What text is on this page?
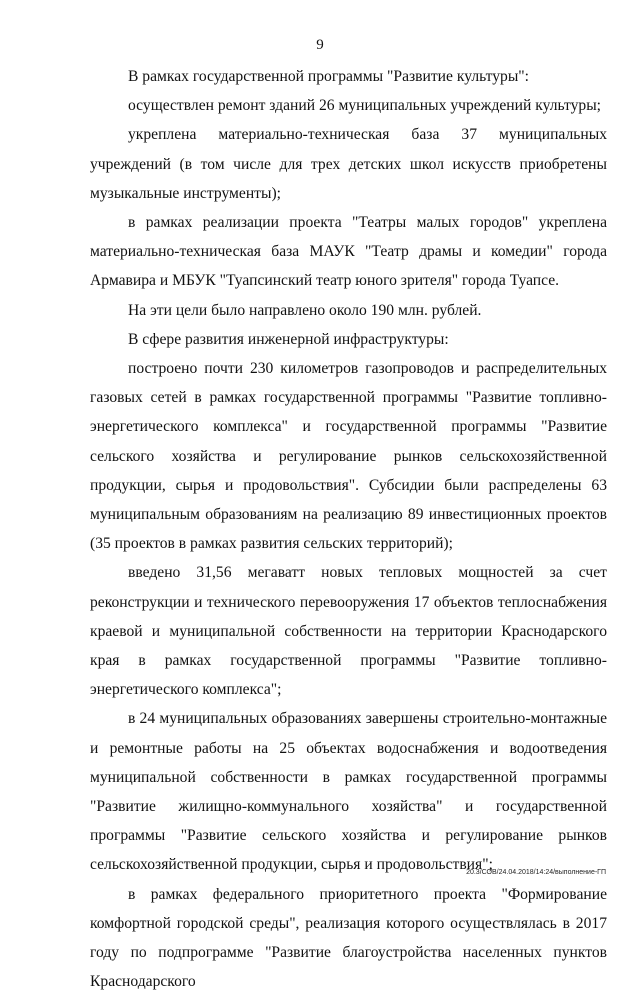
9

В рамках государственной программы "Развитие культуры":

осуществлен ремонт зданий 26 муниципальных учреждений культуры;

укреплена материально-техническая база 37 муниципальных учреждений (в том числе для трех детских школ искусств приобретены музыкальные инструменты);

в рамках реализации проекта "Театры малых городов" укреплена материально-техническая база МАУК "Театр драмы и комедии" города Армавира и МБУК "Туапсинский театр юного зрителя" города Туапсе.

На эти цели было направлено около 190 млн. рублей.

В сфере развития инженерной инфраструктуры:

построено почти 230 километров газопроводов и распределительных газовых сетей в рамках государственной программы "Развитие топливно-энергетического комплекса" и государственной программы "Развитие сельского хозяйства и регулирование рынков сельскохозяйственной продукции, сырья и продовольствия". Субсидии были распределены 63 муниципальным образованиям на реализацию 89 инвестиционных проектов (35 проектов в рамках развития сельских территорий);

введено 31,56 мегаватт новых тепловых мощностей за счет реконструкции и технического перевооружения 17 объектов теплоснабжения краевой и муниципальной собственности на территории Краснодарского края в рамках государственной программы "Развитие топливно-энергетического комплекса";

в 24 муниципальных образованиях завершены строительно-монтажные и ремонтные работы на 25 объектах водоснабжения и водоотведения муниципальной собственности в рамках государственной программы "Развитие жилищно-коммунального хозяйства" и государственной программы "Развитие сельского хозяйства и регулирование рынков сельскохозяйственной продукции, сырья и продовольствия";

в рамках федерального приоритетного проекта "Формирование комфортной городской среды", реализация которого осуществлялась в 2017 году по подпрограмме "Развитие благоустройства населенных пунктов Краснодарского

20.3/СОВ/24.04.2018/14:24/выполнение-ГП
